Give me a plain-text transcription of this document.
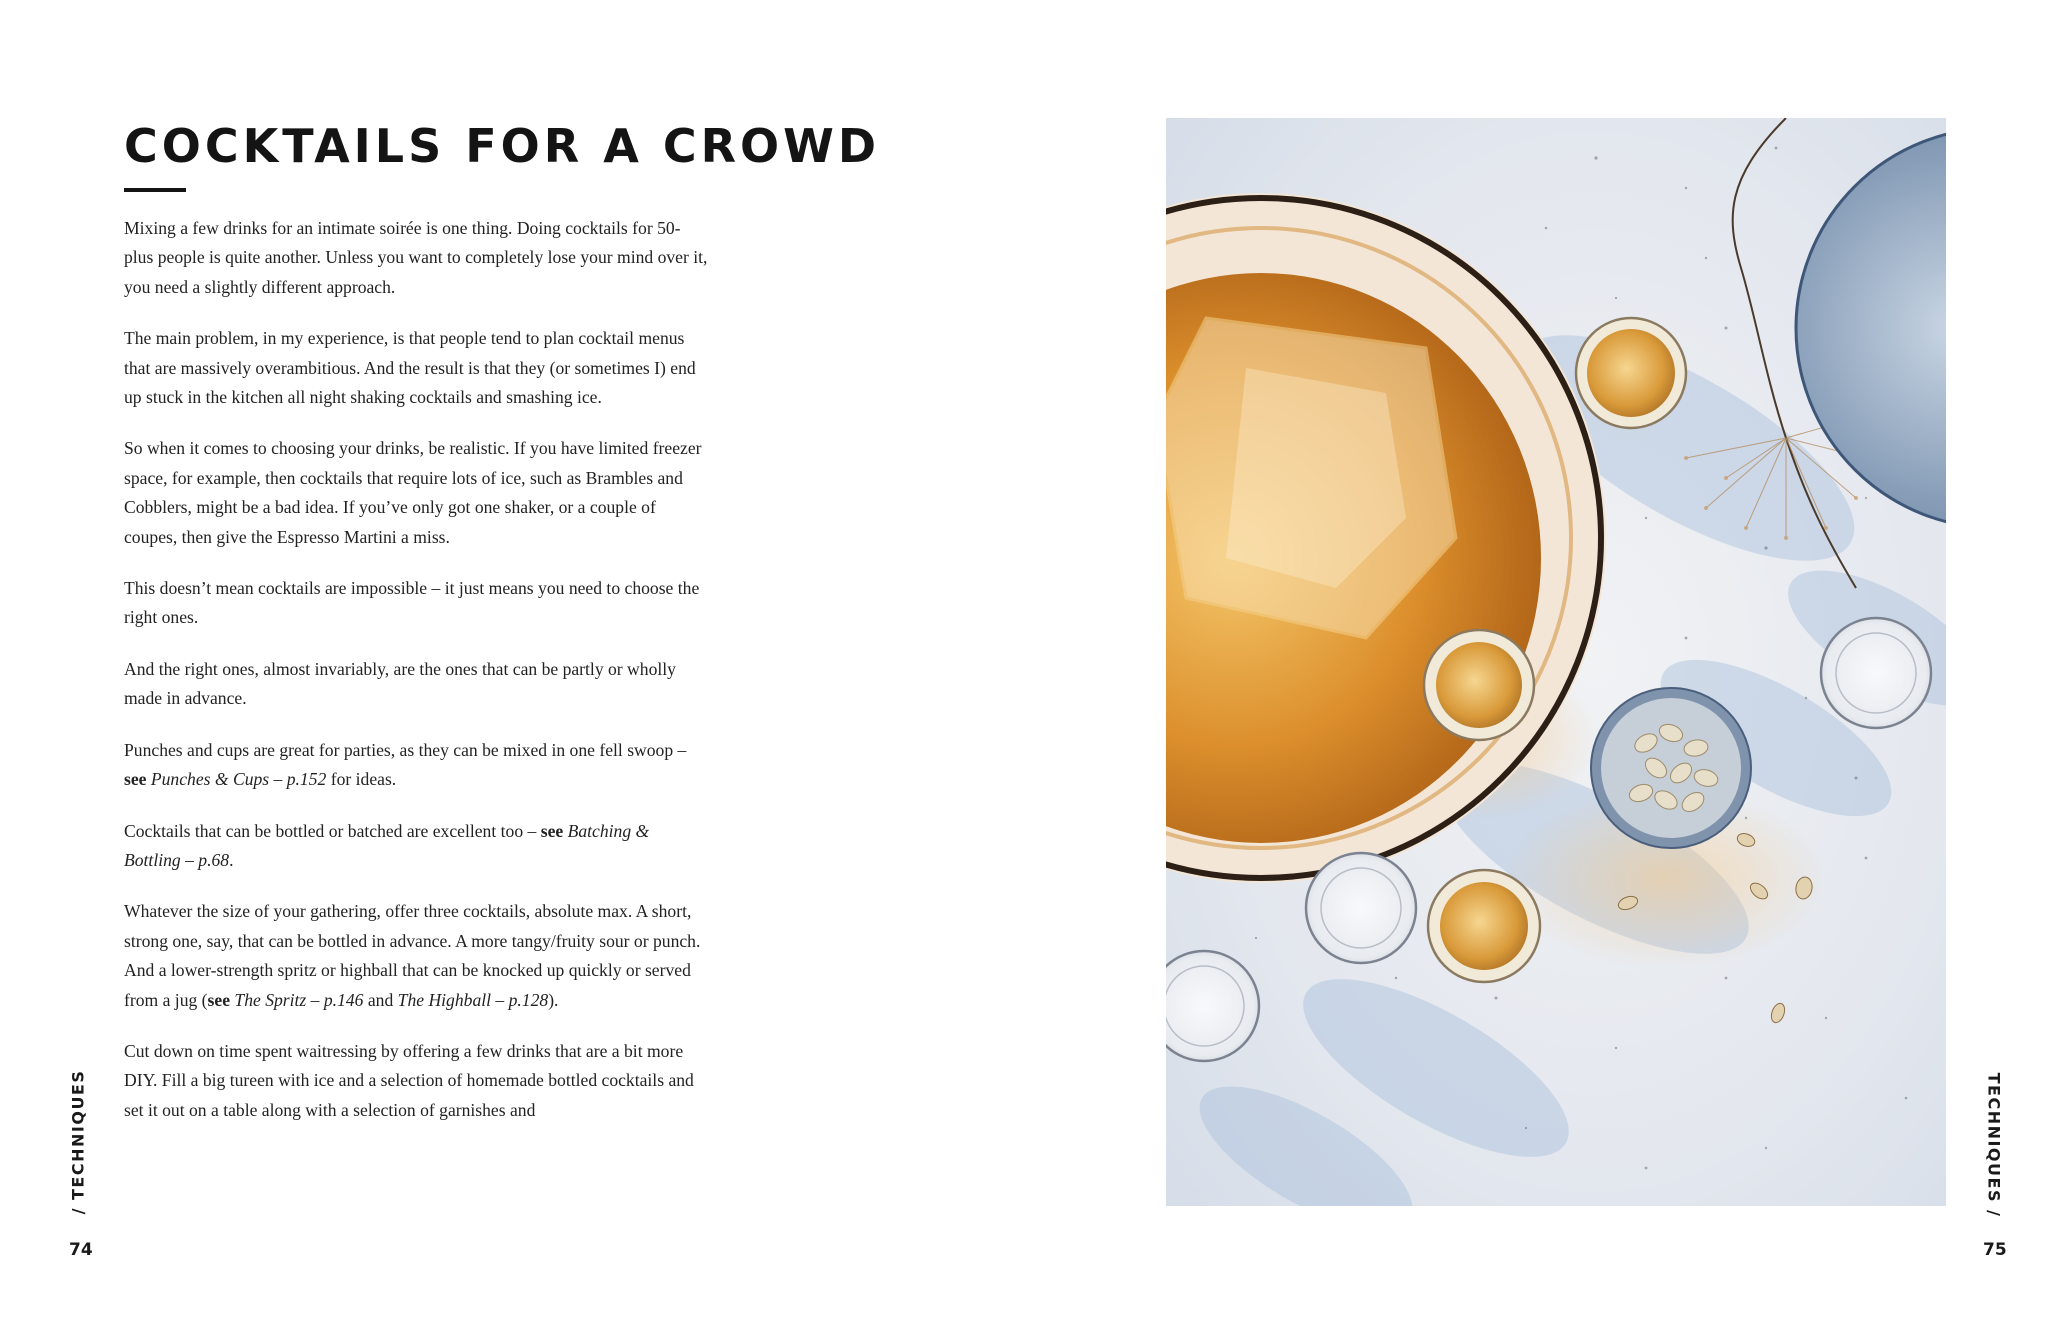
COCKTAILS FOR A CROWD

Mixing a few drinks for an intimate soirée is one thing. Doing cocktails for 50-plus people is quite another. Unless you want to completely lose your mind over it, you need a slightly different approach.

The main problem, in my experience, is that people tend to plan cocktail menus that are massively overambitious. And the result is that they (or sometimes I) end up stuck in the kitchen all night shaking cocktails and smashing ice.

So when it comes to choosing your drinks, be realistic. If you have limited freezer space, for example, then cocktails that require lots of ice, such as Brambles and Cobblers, might be a bad idea. If you’ve only got one shaker, or a couple of coupes, then give the Espresso Martini a miss.

This doesn’t mean cocktails are impossible – it just means you need to choose the right ones.

And the right ones, almost invariably, are the ones that can be partly or wholly made in advance.

Punches and cups are great for parties, as they can be mixed in one fell swoop – see Punches & Cups – p.152 for ideas.

Cocktails that can be bottled or batched are excellent too – see Batching & Bottling – p.68.

Whatever the size of your gathering, offer three cocktails, absolute max. A short, strong one, say, that can be bottled in advance. A more tangy/fruity sour or punch. And a lower-strength spritz or highball that can be knocked up quickly or served from a jug (see The Spritz – p.146 and The Highball – p.128).

Cut down on time spent waitressing by offering a few drinks that are a bit more DIY. Fill a big tureen with ice and a selection of homemade bottled cocktails and set it out on a table along with a selection of garnishes and

/ TECHNIQUES
74
TECHNIQUES /
75
